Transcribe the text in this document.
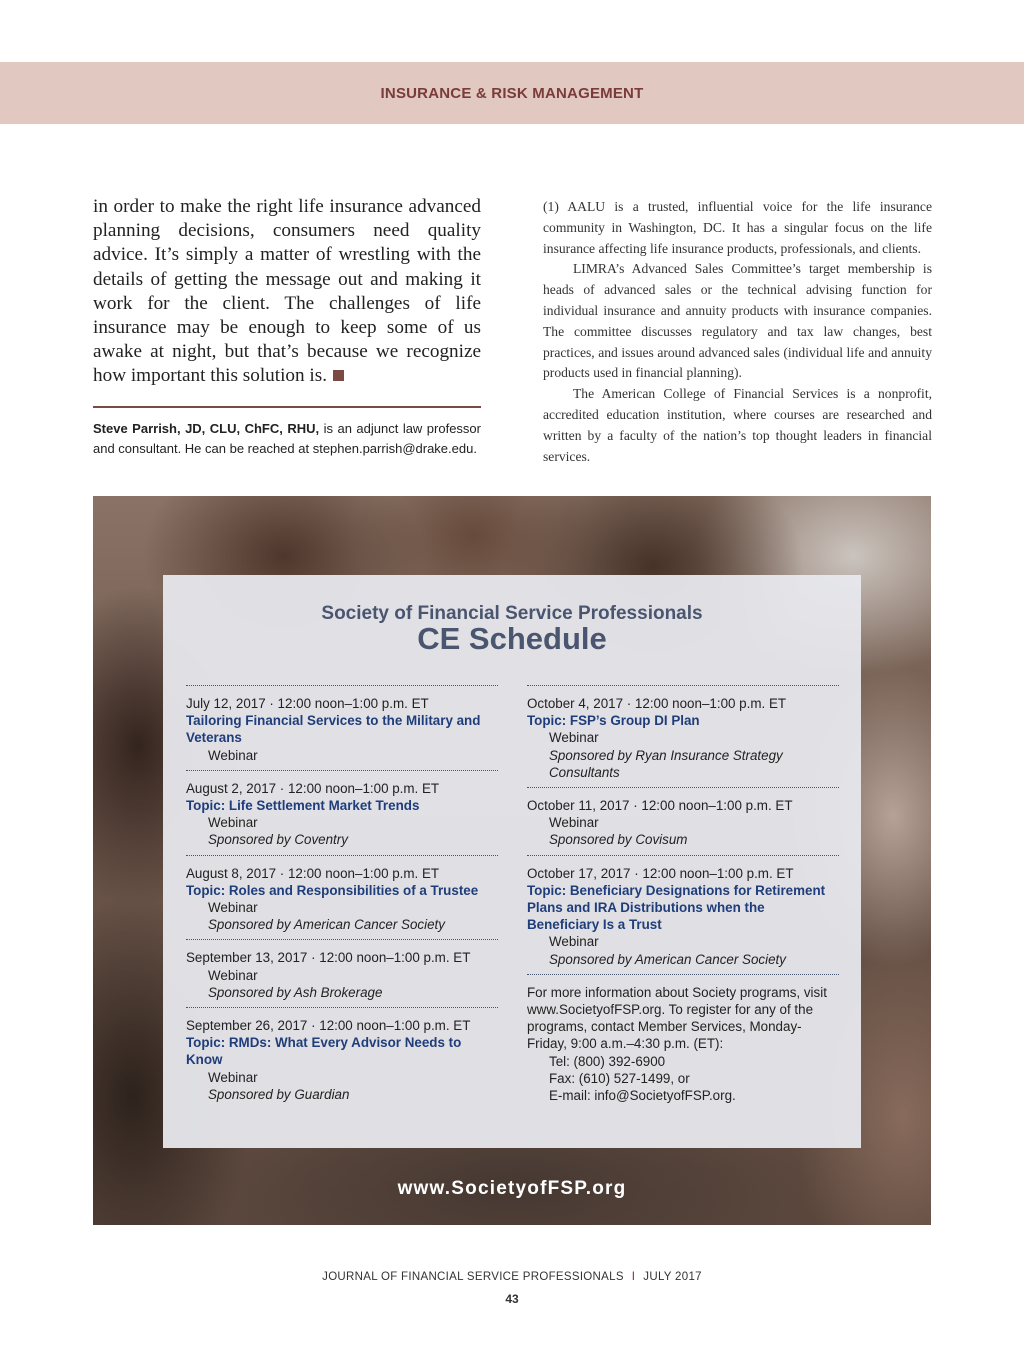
INSURANCE & RISK MANAGEMENT

in order to make the right life insurance advanced planning decisions, consumers need quality advice. It’s simply a matter of wrestling with the details of getting the message out and making it work for the client. The challenges of life insurance may be enough to keep some of us awake at night, but that’s because we recognize how important this solution is.

Steve Parrish, JD, CLU, ChFC, RHU, is an adjunct law professor and consultant. He can be reached at stephen.parrish@drake.edu.

(1) AALU is a trusted, influential voice for the life insurance community in Washington, DC. It has a singular focus on the life insurance affecting life insurance products, professionals, and clients.

LIMRA’s Advanced Sales Committee’s target membership is heads of advanced sales or the technical advising function for individual insurance and annuity products with insurance companies. The committee discusses regulatory and tax law changes, best practices, and issues around advanced sales (individual life and annuity products used in financial planning).

The American College of Financial Services is a nonprofit, accredited education institution, where courses are researched and written by a faculty of the nation’s top thought leaders in financial services.

Society of Financial Service Professionals
CE Schedule
July 12, 2017 · 12:00 noon–1:00 p.m. ET
Tailoring Financial Services to the Military and Veterans
Webinar
August 2, 2017 · 12:00 noon–1:00 p.m. ET
Topic: Life Settlement Market Trends
Webinar
Sponsored by Coventry
August 8, 2017 · 12:00 noon–1:00 p.m. ET
Topic: Roles and Responsibilities of a Trustee
Webinar
Sponsored by American Cancer Society
September 13, 2017 · 12:00 noon–1:00 p.m. ET
Webinar
Sponsored by Ash Brokerage
September 26, 2017 · 12:00 noon–1:00 p.m. ET
Topic: RMDs: What Every Advisor Needs to Know
Webinar
Sponsored by Guardian
October 4, 2017 · 12:00 noon–1:00 p.m. ET
Topic: FSP’s Group DI Plan
Webinar
Sponsored by Ryan Insurance Strategy Consultants
October 11, 2017 · 12:00 noon–1:00 p.m. ET
Webinar
Sponsored by Covisum
October 17, 2017 · 12:00 noon–1:00 p.m. ET
Topic: Beneficiary Designations for Retirement Plans and IRA Distributions when the Beneficiary Is a Trust
Webinar
Sponsored by American Cancer Society
For more information about Society programs, visit www.SocietyofFSP.org. To register for any of the programs, contact Member Services, Monday-Friday, 9:00 a.m.–4:30 p.m. (ET):
Tel: (800) 392-6900
Fax: (610) 527-1499, or
E-mail: info@SocietyofFSP.org.
www.SocietyofFSP.org
JOURNAL OF FINANCIAL SERVICE PROFESSIONALS I JULY 2017
43
